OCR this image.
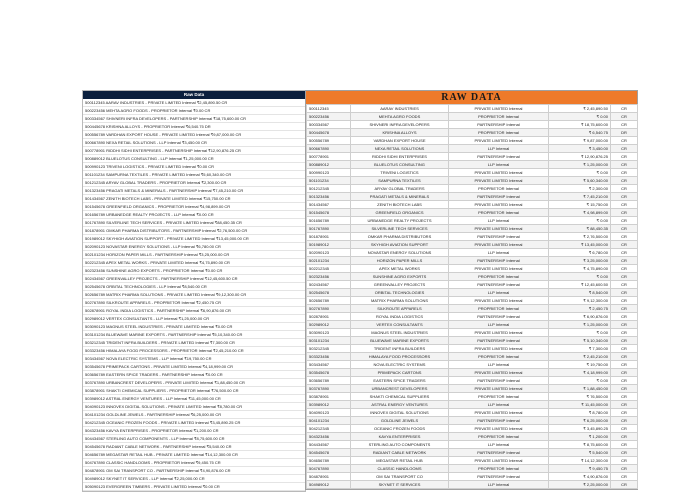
Raw Data
500112345 AARAV INDUSTRIES - PRIVATE LIMITED Internal ₹2,45,890.50 CR
500223456 MEHTA AGRO FOODS - PROPRIETOR Internal ₹0.00 CR
500334567 SHIVNERI INFRA DEVELOPERS - PARTNERSHIP Internal ₹18,75,600.00 CR
500445678 KRISHNA ALLOYS - PROPRIETOR Internal ₹6,540.75 DR
500556789 VARDHAN EXPORT HOUSE - PRIVATE LIMITED Internal ₹9,87,000.00 CR
500667890 NEXA RETAIL SOLUTIONS - LLP Internal ₹3,450.00 CR
500778901 RIDDHI SIDHI ENTERPRISES - PARTNERSHIP Internal ₹12,90,876.25 CR
500889012 BLUELOTUS CONSULTING - LLP Internal ₹1,25,000.00 CR
500990123 TRIVENI LOGISTICS - PRIVATE LIMITED Internal ₹0.00 CR
501101234 SAMPURNA TEXTILES - PRIVATE LIMITED Internal ₹5,60,340.00 CR
501212345 ARYAV GLOBAL TRADERS - PROPRIETOR Internal ₹2,300.00 CR
501323456 PRAGATI METALS & MINERALS - PARTNERSHIP Internal ₹7,45,210.00 CR
501434567 ZENITH BIOTECH LABS - PRIVATE LIMITED Internal ₹15,750.00 CR
501545678 GREENFIELD ORGANICS - PROPRIETOR Internal ₹4,98,899.00 CR
501656789 URBANEDGE REALTY PROJECTS - LLP Internal ₹0.00 CR
501767890 SILVERLINE TECH SERVICES - PRIVATE LIMITED Internal ₹88,450.35 CR
501878901 OMKAR PHARMA DISTRIBUTORS - PARTNERSHIP Internal ₹2,76,500.00 CR
501989012 SKYHIGH AVIATION SUPPORT - PRIVATE LIMITED Internal ₹13,45,000.00 CR
502090123 NOVASTAR ENERGY SOLUTIONS - LLP Internal ₹6,780.00 CR
502101234 HORIZON PAPER MILLS - PARTNERSHIP Internal ₹3,25,000.00 CR
502212345 APEX METAL WORKS - PRIVATE LIMITED Internal ₹4,75,890.00 CR
502323456 SUNSHINE AGRO EXPORTS - PROPRIETOR Internal ₹0.00 CR
502434567 GREENVALLEY PROJECTS - PARTNERSHIP Internal ₹12,45,600.50 CR
502545678 ORBITAL TECHNOLOGIES - LLP Internal ₹8,540.00 CR
502656789 MATRIX PHARMA SOLUTIONS - PRIVATE LIMITED Internal ₹9,12,300.00 CR
502767890 SILKROUTE APPARELS - PROPRIETOR Internal ₹2,450.75 CR
502878901 ROYAL INDIA LOGISTICS - PARTNERSHIP Internal ₹6,90,876.00 CR
502989012 VERTEX CONSULTANTS - LLP Internal ₹1,25,000.00 CR
503090123 MAGNUS STEEL INDUSTRIES - PRIVATE LIMITED Internal ₹0.00 CR
503101234 BLUEWAVE MARINE EXPORTS - PARTNERSHIP Internal ₹5,10,340.00 CR
503212345 TRIDENT INFRA BUILDERS - PRIVATE LIMITED Internal ₹7,300.00 CR
503323456 HIMALAYA FOOD PROCESSORS - PROPRIETOR Internal ₹2,45,210.00 CR
503434567 NOVA ELECTRIC SYSTEMS - LLP Internal ₹19,750.00 CR
503545678 PRIMEPACK CARTONS - PRIVATE LIMITED Internal ₹4,18,999.00 CR
503656789 EASTERN SPICE TRADERS - PARTNERSHIP Internal ₹0.00 CR
503767890 URBANCREST DEVELOPERS - PRIVATE LIMITED Internal ₹1,88,450.00 CR
503878901 SHAKTI CHEMICAL SUPPLIERS - PROPRIETOR Internal ₹76,500.00 CR
503989012 ASTRAL ENERGY VENTURES - LLP Internal ₹11,45,000.00 CR
504090123 INNOVEX DIGITAL SOLUTIONS - PRIVATE LIMITED Internal ₹8,780.00 CR
504101234 GOLDLINE JEWELS - PARTNERSHIP Internal ₹6,25,000.00 CR
504212345 OCEANIC FROZEN FOODS - PRIVATE LIMITED Internal ₹3,45,890.25 CR
504323456 KAVYA ENTERPRISES - PROPRIETOR Internal ₹1,200.00 CR
504434567 STERLING AUTO COMPONENTS - LLP Internal ₹8,75,600.00 CR
504545678 RADIANT CABLE NETWORK - PARTNERSHIP Internal ₹5,540.00 CR
504656789 MEGASTAR RETAIL HUB - PRIVATE LIMITED Internal ₹14,12,300.00 CR
504767890 CLASSIC HANDLOOMS - PROPRIETOR Internal ₹9,450.75 CR
504878901 OM SAI TRANSPORT CO - PARTNERSHIP Internal ₹4,90,876.00 CR
504989012 SKYNET IT SERVICES - LLP Internal ₹2,25,000.00 CR
505090123 EVERGREEN TIMBERS - PRIVATE LIMITED Internal ₹0.00 CR
RAW DATA
500112345	AARAV INDUSTRIES	PRIVATE LIMITED Internal	₹ 2,45,890.50	CR
500223456	MEHTA AGRO FOODS	PROPRIETOR Internal	₹ 0.00	CR
500334567	SHIVNERI INFRA DEVELOPERS	PARTNERSHIP Internal	₹ 18,75,600.00	CR
500445678	KRISHNA ALLOYS	PROPRIETOR Internal	₹ 6,540.75	DR
500556789	VARDHAN EXPORT HOUSE	PRIVATE LIMITED Internal	₹ 9,87,000.00	CR
500667890	NEXA RETAIL SOLUTIONS	LLP Internal	₹ 3,450.00	CR
500778901	RIDDHI SIDHI ENTERPRISES	PARTNERSHIP Internal	₹ 12,90,876.25	CR
500889012	BLUELOTUS CONSULTING	LLP Internal	₹ 1,25,000.00	CR
500990123	TRIVENI LOGISTICS	PRIVATE LIMITED Internal	₹ 0.00	CR
501101234	SAMPURNA TEXTILES	PRIVATE LIMITED Internal	₹ 5,60,340.00	CR
501212345	ARYAV GLOBAL TRADERS	PROPRIETOR Internal	₹ 2,300.00	CR
501323456	PRAGATI METALS & MINERALS	PARTNERSHIP Internal	₹ 7,45,210.00	CR
501434567	ZENITH BIOTECH LABS	PRIVATE LIMITED Internal	₹ 15,750.00	CR
501545678	GREENFIELD ORGANICS	PROPRIETOR Internal	₹ 4,98,899.00	CR
501656789	URBANEDGE REALTY PROJECTS	LLP Internal	₹ 0.00	CR
501767890	SILVERLINE TECH SERVICES	PRIVATE LIMITED Internal	₹ 88,450.35	CR
501878901	OMKAR PHARMA DISTRIBUTORS	PARTNERSHIP Internal	₹ 2,76,500.00	CR
501989012	SKYHIGH AVIATION SUPPORT	PRIVATE LIMITED Internal	₹ 13,45,000.00	CR
502090123	NOVASTAR ENERGY SOLUTIONS	LLP Internal	₹ 6,780.00	CR
502101234	HORIZON PAPER MILLS	PARTNERSHIP Internal	₹ 3,25,000.00	CR
502212345	APEX METAL WORKS	PRIVATE LIMITED Internal	₹ 4,75,890.00	CR
502323456	SUNSHINE AGRO EXPORTS	PROPRIETOR Internal	₹ 0.00	CR
502434567	GREENVALLEY PROJECTS	PARTNERSHIP Internal	₹ 12,45,600.50	CR
502545678	ORBITAL TECHNOLOGIES	LLP Internal	₹ 8,540.00	CR
502656789	MATRIX PHARMA SOLUTIONS	PRIVATE LIMITED Internal	₹ 9,12,300.00	CR
502767890	SILKROUTE APPARELS	PROPRIETOR Internal	₹ 2,450.75	CR
502878901	ROYAL INDIA LOGISTICS	PARTNERSHIP Internal	₹ 6,90,876.00	CR
502989012	VERTEX CONSULTANTS	LLP Internal	₹ 1,25,000.00	CR
503090123	MAGNUS STEEL INDUSTRIES	PRIVATE LIMITED Internal	₹ 0.00	CR
503101234	BLUEWAVE MARINE EXPORTS	PARTNERSHIP Internal	₹ 5,10,340.00	CR
503212345	TRIDENT INFRA BUILDERS	PRIVATE LIMITED Internal	₹ 7,300.00	CR
503323456	HIMALAYA FOOD PROCESSORS	PROPRIETOR Internal	₹ 2,45,210.00	CR
503434567	NOVA ELECTRIC SYSTEMS	LLP Internal	₹ 19,750.00	CR
503545678	PRIMEPACK CARTONS	PRIVATE LIMITED Internal	₹ 4,18,999.00	CR
503656789	EASTERN SPICE TRADERS	PARTNERSHIP Internal	₹ 0.00	CR
503767890	URBANCREST DEVELOPERS	PRIVATE LIMITED Internal	₹ 1,88,450.00	CR
503878901	SHAKTI CHEMICAL SUPPLIERS	PROPRIETOR Internal	₹ 76,500.00	CR
503989012	ASTRAL ENERGY VENTURES	LLP Internal	₹ 11,45,000.00	CR
504090123	INNOVEX DIGITAL SOLUTIONS	PRIVATE LIMITED Internal	₹ 8,780.00	CR
504101234	GOLDLINE JEWELS	PARTNERSHIP Internal	₹ 6,25,000.00	CR
504212345	OCEANIC FROZEN FOODS	PRIVATE LIMITED Internal	₹ 3,45,890.25	CR
504323456	KAVYA ENTERPRISES	PROPRIETOR Internal	₹ 1,200.00	CR
504434567	STERLING AUTO COMPONENTS	LLP Internal	₹ 8,75,600.00	CR
504545678	RADIANT CABLE NETWORK	PARTNERSHIP Internal	₹ 5,540.00	CR
504656789	MEGASTAR RETAIL HUB	PRIVATE LIMITED Internal	₹ 14,12,300.00	CR
504767890	CLASSIC HANDLOOMS	PROPRIETOR Internal	₹ 9,450.75	CR
504878901	OM SAI TRANSPORT CO	PARTNERSHIP Internal	₹ 4,90,876.00	CR
504989012	SKYNET IT SERVICES	LLP Internal	₹ 2,25,000.00	CR
